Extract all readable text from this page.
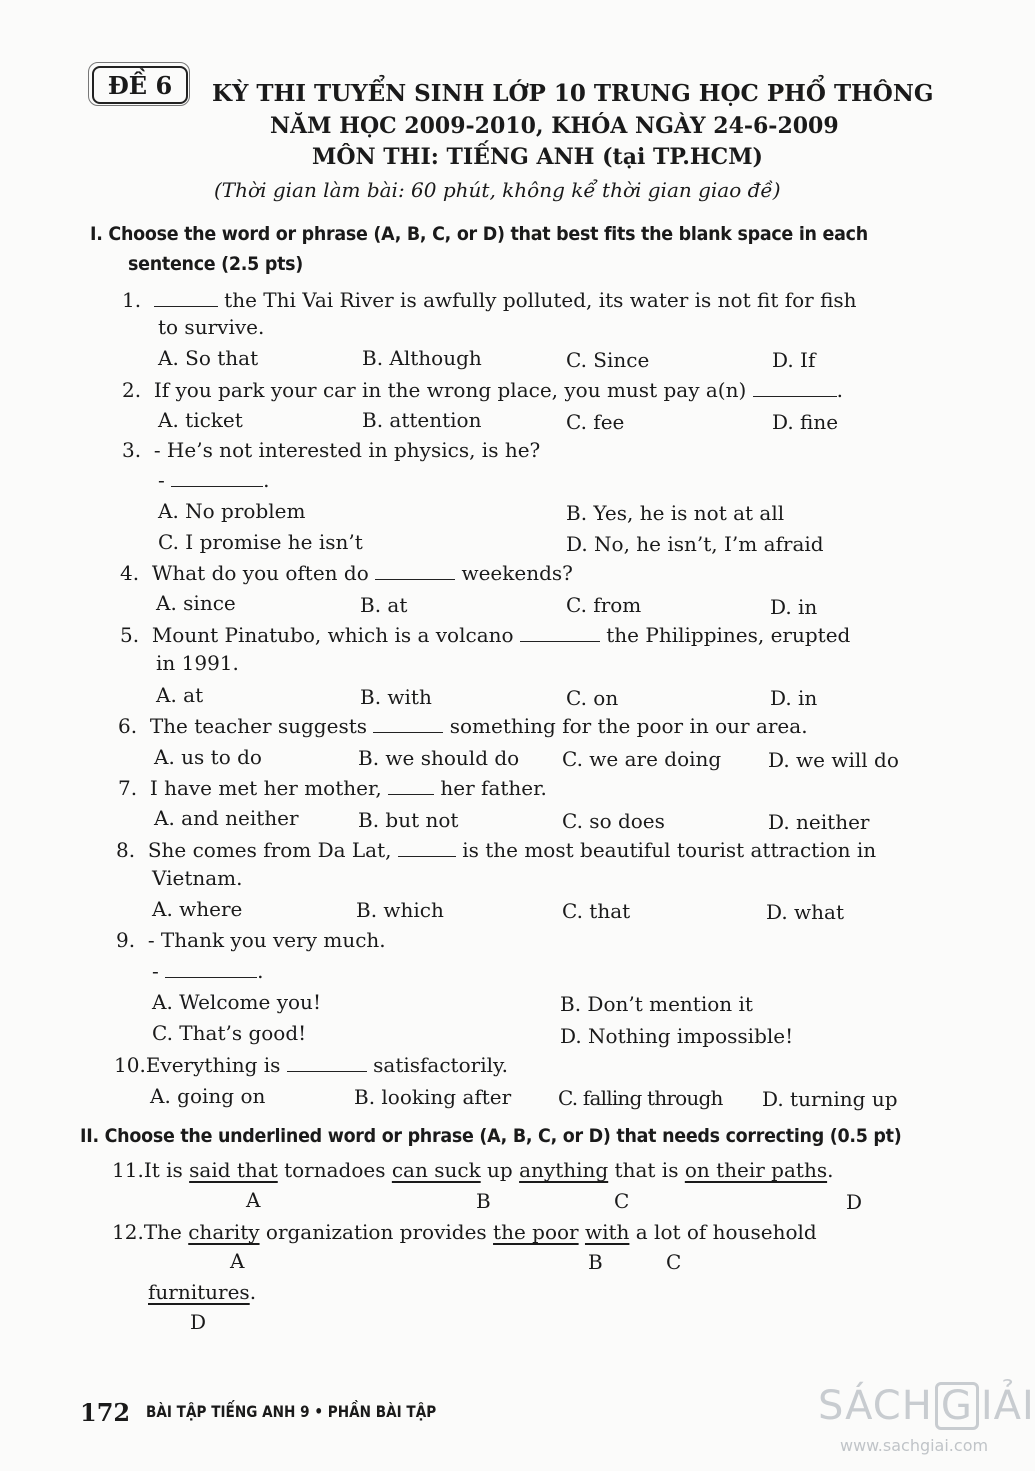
ĐỀ 6	KỲ THI TUYỂN SINH LỚP 10 TRUNG HỌC PHỔ THÔNG
NĂM HỌC 2009-2010, KHÓA NGÀY 24-6-2009
MÔN THI: TIẾNG ANH (tại TP.HCM)
(Thời gian làm bài: 60 phút, không kể thời gian giao đề)
I. Choose the word or phrase (A, B, C, or D) that best fits the blank space in each
sentence (2.5 pts)
1.	the Thi Vai River is awfully polluted, its water is not fit for fish
to survive.
A. So that	B. Although	C. Since	D. If
2. If you park your car in the wrong place, you must pay a(n)	.
A. ticket	B. attention	C. fee	D. fine
3. - He’s not interested in physics, is he?
-	.
A. No problem	B. Yes, he is not at all
C. I promise he isn’t	D. No, he isn’t, I’m afraid
4. What do you often do	weekends?
A. since	B. at	C. from	D. in
5. Mount Pinatubo, which is a volcano	the Philippines, erupted
in 1991.
A. at	B. with	C. on	D. in
6. The teacher suggests	something for the poor in our area.
A. us to do	B. we should do C. we are doing D. we will do
7. I have met her mother,  her father.
A. and neither	B. but not	C. so does	D. neither
8. She comes from Da Lat,	is the most beautiful tourist attraction in
Vietnam.
A. where	B. which	C. that	D. what
9. - Thank you very much.
-	.
A. Welcome you!	B. Don’t mention it
C. That’s good!	D. Nothing impossible!
10.Everything is	satisfactorily.
A. going on	B. looking after C. falling through D. turning up
II. Choose the underlined word or phrase (A, B, C, or D) that needs correcting (0.5 pt)
11.It is said that tornadoes can suck up anything that is on their paths.
A	B	C	D
12.The charity organization provides the poor with a lot of household
A	B	C
furnitures.
D
172 BÀI TẬP TIẾNG ANH 9 • PHẦN BÀI TẬP	SÁCH G IẢI
www.sachgiai.com
